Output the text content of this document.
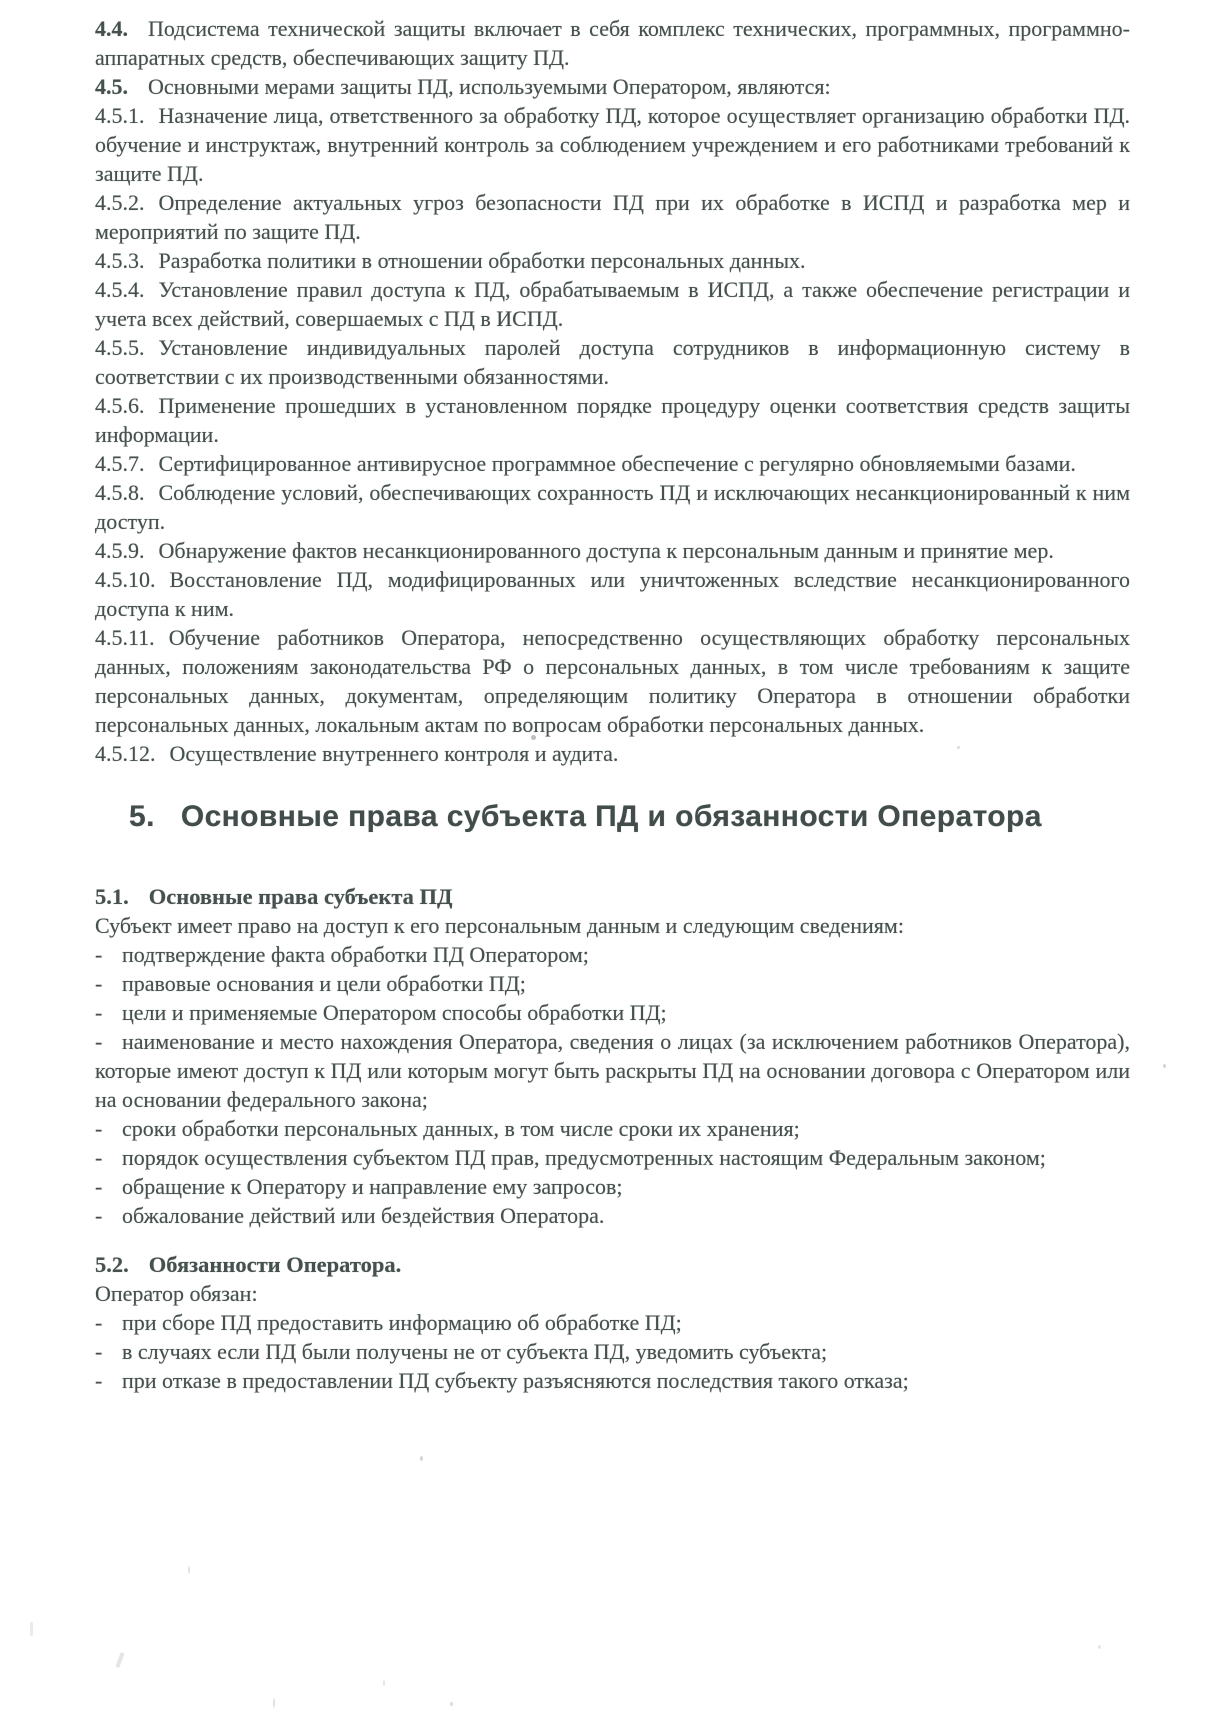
4.4. Подсистема технической защиты включает в себя комплекс технических, программных, программно-аппаратных средств, обеспечивающих защиту ПД.

4.5. Основными мерами защиты ПД, используемыми Оператором, являются:

4.5.1. Назначение лица, ответственного за обработку ПД, которое осуществляет организацию обработки ПД. обучение и инструктаж, внутренний контроль за соблюдением учреждением и его работниками требований к защите ПД.

4.5.2. Определение актуальных угроз безопасности ПД при их обработке в ИСПД и разработка мер и мероприятий по защите ПД.

4.5.3. Разработка политики в отношении обработки персональных данных.

4.5.4. Установление правил доступа к ПД, обрабатываемым в ИСПД, а также обеспечение регистрации и учета всех действий, совершаемых с ПД в ИСПД.

4.5.5. Установление индивидуальных паролей доступа сотрудников в информационную систему в соответствии с их производственными обязанностями.

4.5.6. Применение прошедших в установленном порядке процедуру оценки соответствия средств защиты информации.

4.5.7. Сертифицированное антивирусное программное обеспечение с регулярно обновляемыми базами.

4.5.8. Соблюдение условий, обеспечивающих сохранность ПД и исключающих несанкционированный к ним доступ.

4.5.9. Обнаружение фактов несанкционированного доступа к персональным данным и принятие мер.

4.5.10. Восстановление ПД, модифицированных или уничтоженных вследствие несанкционированного доступа к ним.

4.5.11. Обучение работников Оператора, непосредственно осуществляющих обработку персональных данных, положениям законодательства РФ о персональных данных, в том числе требованиям к защите персональных данных, документам, определяющим политику Оператора в отношении обработки персональных данных, локальным актам по вопросам обработки персональных данных.

4.5.12. Осуществление внутреннего контроля и аудита.

5. Основные права субъекта ПД и обязанности Оператора

5.1. Основные права субъекта ПД

Субъект имеет право на доступ к его персональным данным и следующим сведениям:

- подтверждение факта обработки ПД Оператором;

- правовые основания и цели обработки ПД;

- цели и применяемые Оператором способы обработки ПД;

- наименование и место нахождения Оператора, сведения о лицах (за исключением работников Оператора), которые имеют доступ к ПД или которым могут быть раскрыты ПД на основании договора с Оператором или на основании федерального закона;

- сроки обработки персональных данных, в том числе сроки их хранения;

- порядок осуществления субъектом ПД прав, предусмотренных настоящим Федеральным законом;

- обращение к Оператору и направление ему запросов;

- обжалование действий или бездействия Оператора.

5.2. Обязанности Оператора.

Оператор обязан:

- при сборе ПД предоставить информацию об обработке ПД;

- в случаях если ПД были получены не от субъекта ПД, уведомить субъекта;

- при отказе в предоставлении ПД субъекту разъясняются последствия такого отказа;
